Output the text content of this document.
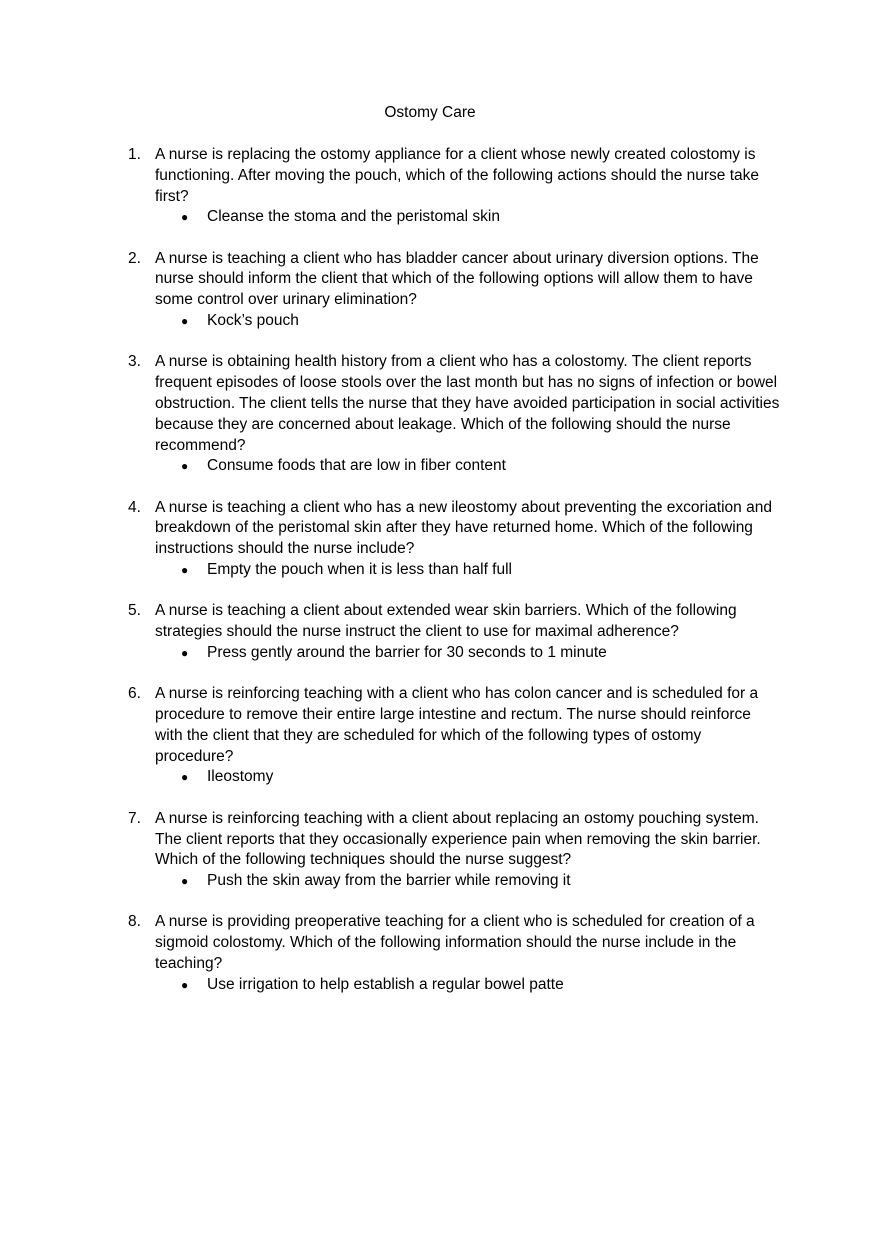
Ostomy Care
1. A nurse is replacing the ostomy appliance for a client whose newly created colostomy is functioning. After moving the pouch, which of the following actions should the nurse take first?
● Cleanse the stoma and the peristomal skin
2. A nurse is teaching a client who has bladder cancer about urinary diversion options. The nurse should inform the client that which of the following options will allow them to have some control over urinary elimination?
● Kock’s pouch
3. A nurse is obtaining health history from a client who has a colostomy. The client reports frequent episodes of loose stools over the last month but has no signs of infection or bowel obstruction. The client tells the nurse that they have avoided participation in social activities because they are concerned about leakage. Which of the following should the nurse recommend?
● Consume foods that are low in fiber content
4. A nurse is teaching a client who has a new ileostomy about preventing the excoriation and breakdown of the peristomal skin after they have returned home. Which of the following instructions should the nurse include?
● Empty the pouch when it is less than half full
5. A nurse is teaching a client about extended wear skin barriers. Which of the following strategies should the nurse instruct the client to use for maximal adherence?
● Press gently around the barrier for 30 seconds to 1 minute
6. A nurse is reinforcing teaching with a client who has colon cancer and is scheduled for a procedure to remove their entire large intestine and rectum. The nurse should reinforce with the client that they are scheduled for which of the following types of ostomy procedure?
● Ileostomy
7. A nurse is reinforcing teaching with a client about replacing an ostomy pouching system. The client reports that they occasionally experience pain when removing the skin barrier. Which of the following techniques should the nurse suggest?
● Push the skin away from the barrier while removing it
8. A nurse is providing preoperative teaching for a client who is scheduled for creation of a sigmoid colostomy. Which of the following information should the nurse include in the teaching?
● Use irrigation to help establish a regular bowel patte
